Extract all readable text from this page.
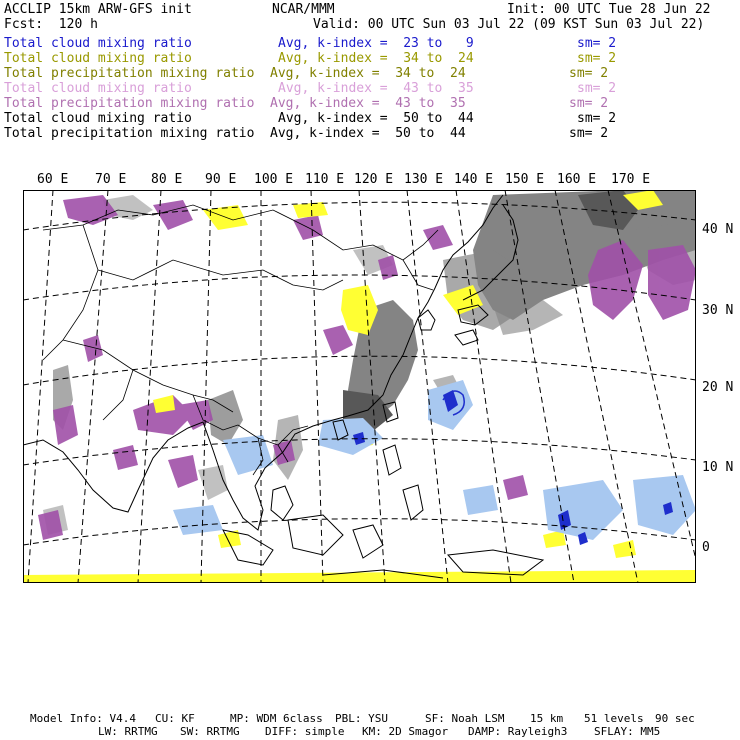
ACCLIP 15km ARW-GFS init	NCAR/MMM	Init: 00 UTC Tue 28 Jun 22
Fcst:  120 h	Valid: 00 UTC Sun 03 Jul 22 (09 KST Sun 03 Jul 22)
Total cloud mixing ratio	Avg, k-index =  23 to   9	sm= 2
Total cloud mixing ratio	Avg, k-index =  34 to  24	sm= 2
Total precipitation mixing ratio Avg, k-index =  34 to  24	sm= 2
Total cloud mixing ratio	Avg, k-index =  43 to  35	sm= 2
Total precipitation mixing ratio Avg, k-index =  43 to  35	sm= 2
Total cloud mixing ratio	Avg, k-index =  50 to  44	sm= 2
Total precipitation mixing ratio Avg, k-index =  50 to  44	sm= 2
60 E 70 E 80 E 90 E 100 E 110 E 120 E 130 E 140 E 150 E 160 E 170 E
40 N
30 N
20 N
10 N
0
Model Info: V4.4 CU: KF	MP: WDM 6class PBL: YSU	SF: Noah LSM 15 km 51 levels 90 sec
LW: RRTMG SW: RRTMG DIFF: simple KM: 2D Smagor DAMP: Rayleigh3 SFLAY: MM5
